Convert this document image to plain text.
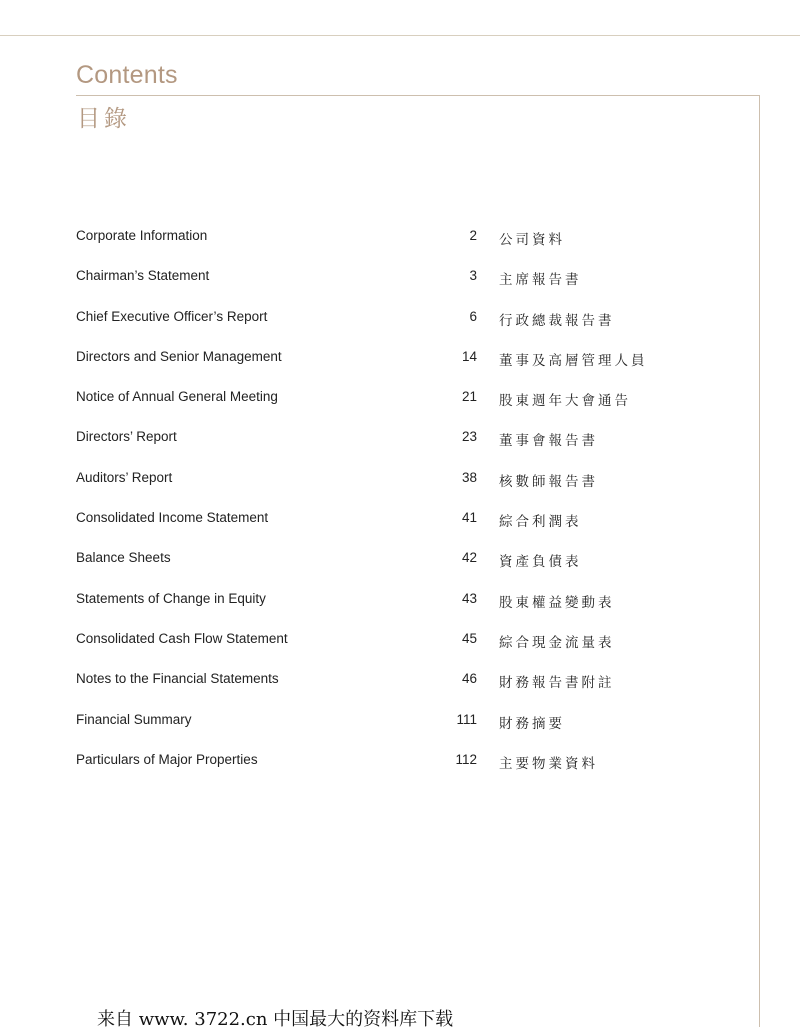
Contents
目錄
Corporate Information	2 公司資料
Chairman’s Statement	3 主席報告書
Chief Executive Officer’s Report	6 行政總裁報告書
Directors and Senior Management	14 董事及高層管理人員
Notice of Annual General Meeting	21 股東週年大會通告
Directors’ Report	23 董事會報告書
Auditors’ Report	38 核數師報告書
Consolidated Income Statement	41 綜合利潤表
Balance Sheets	42 資產負債表
Statements of Change in Equity	43 股東權益變動表
Consolidated Cash Flow Statement	45 綜合現金流量表
Notes to the Financial Statements	46 財務報告書附註
Financial Summary	111 財務摘要
Particulars of Major Properties	112 主要物業資料
来自 www. 3722.cn 中国最大的资料库下载
